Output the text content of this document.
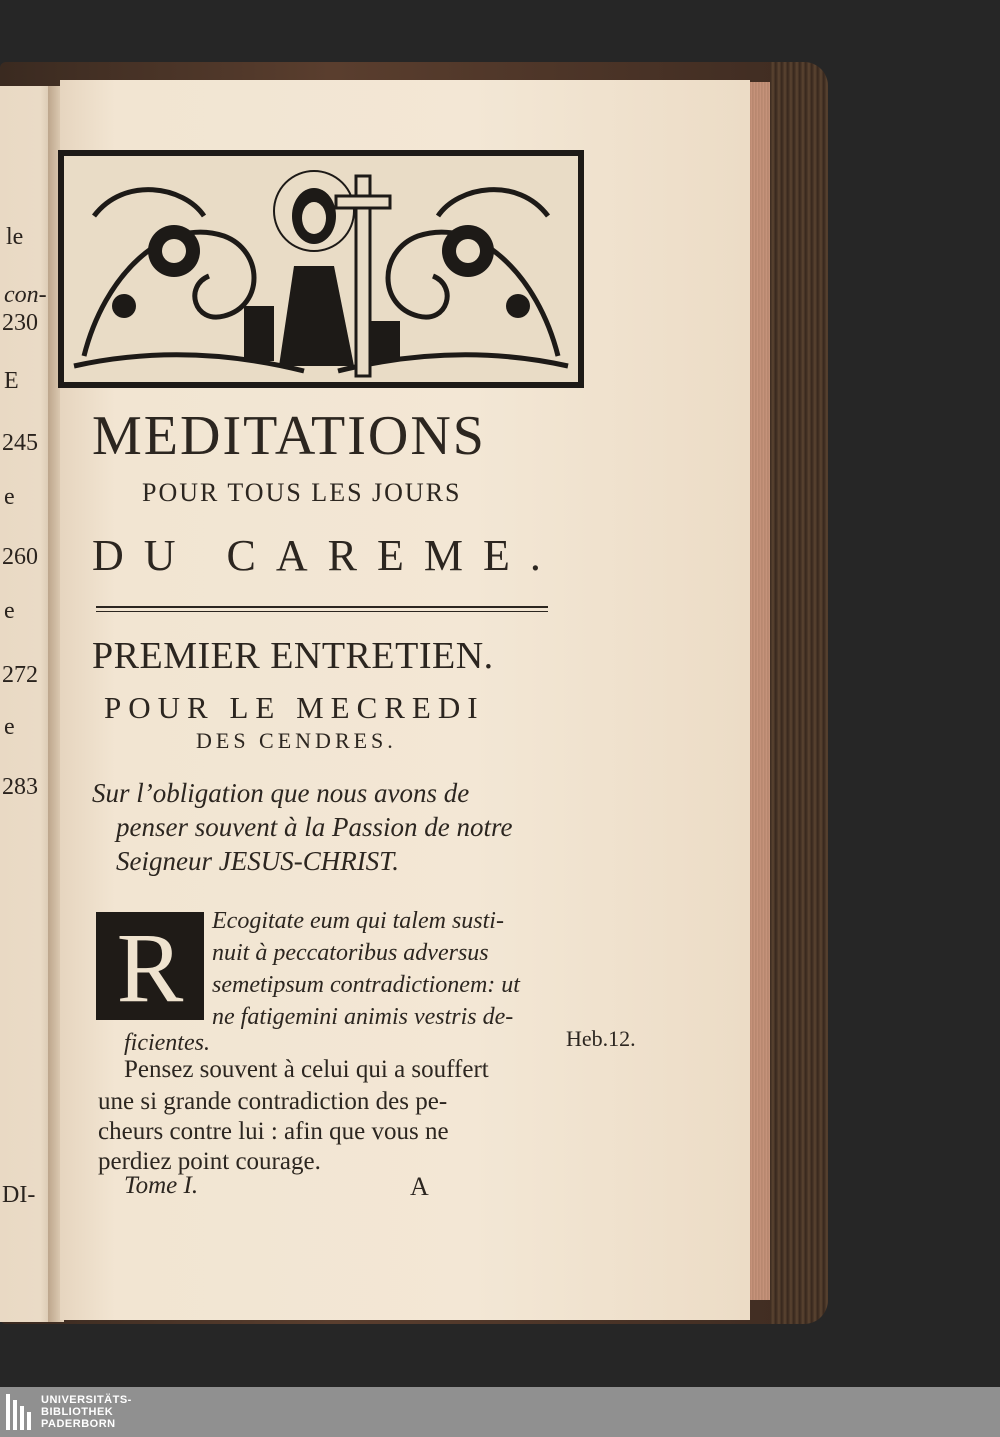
le
con-
230
E
245
e
260
e
272
e
283
DI-
MEDITATIONS
POUR TOUS LES JOURS
DU CAREME.
PREMIER ENTRETIEN.
POUR LE MECREDI
DES CENDRES.
Sur l’obligation que nous avons de
penser souvent à la Passion de notre
Seigneur JESUS-CHRIST.
R	Ecogitate eum qui talem susti-
nuit à peccatoribus adversus
semetipsum contradictionem: ut
ne fatigemini animis vestris de-
ficientes.	Heb.12.
Pensez souvent à celui qui a souffert
une si grande contradiction des pe-
cheurs contre lui : afin que vous ne
perdiez point courage.
Tome I.	A
UNIVERSITÄTS-
BIBLIOTHEK
PADERBORN
